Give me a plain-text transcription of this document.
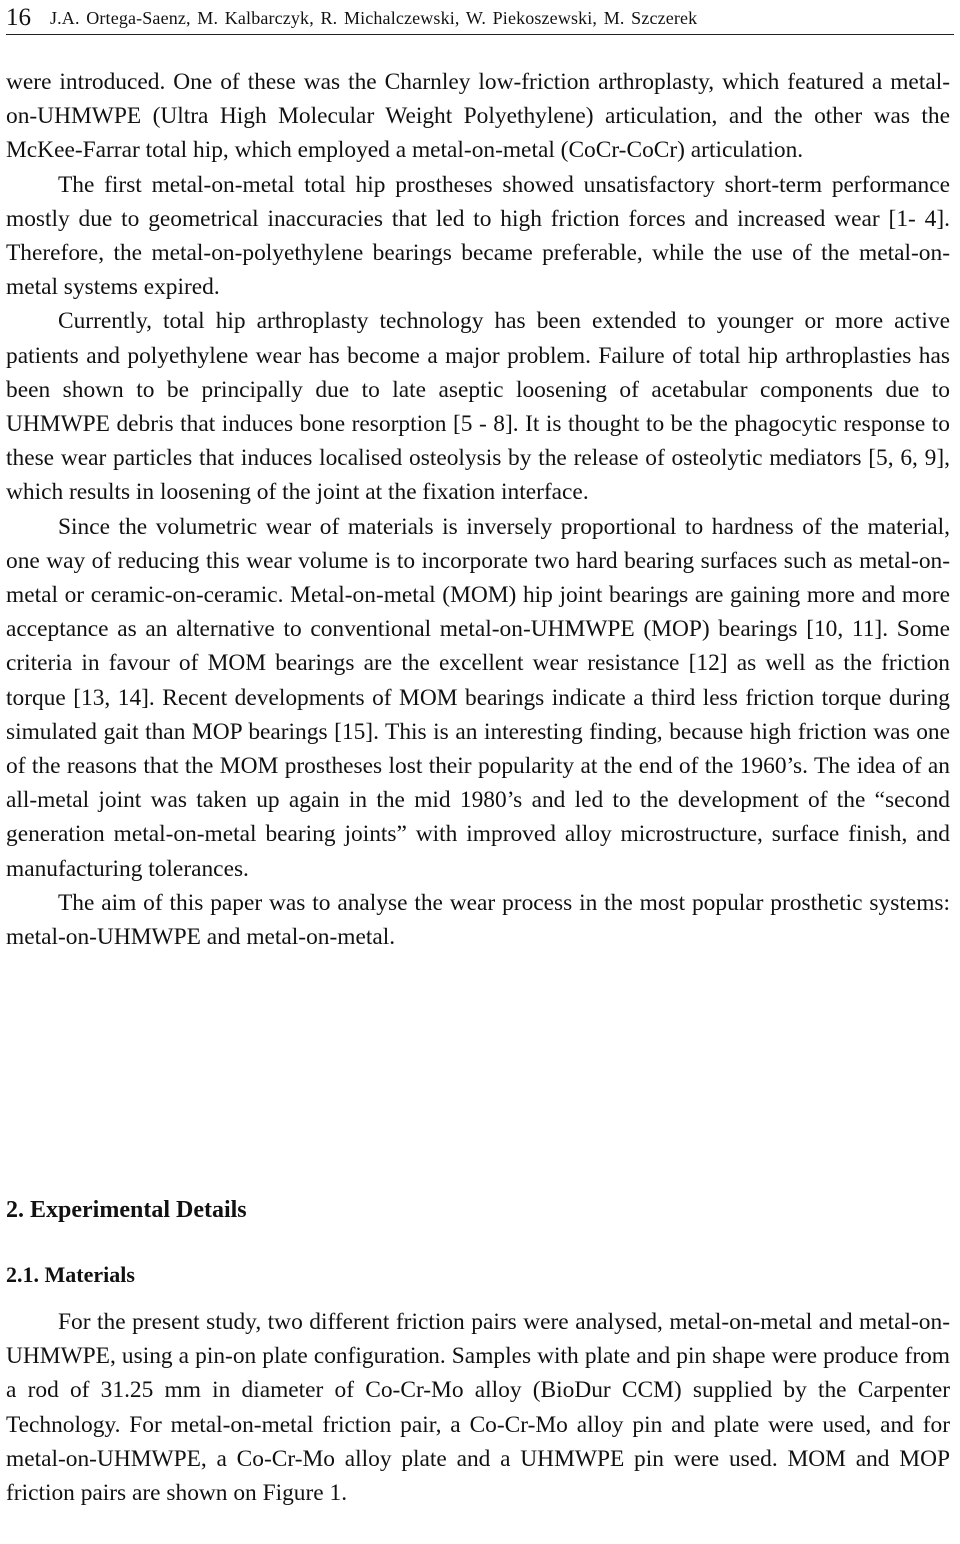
16 J.A. Ortega-Saenz, M. Kalbarczyk, R. Michalczewski, W. Piekoszewski, M. Szczerek

were introduced. One of these was the Charnley low-friction arthroplasty, which featured a metal-on-UHMWPE (Ultra High Molecular Weight Polyethylene) articulation, and the other was the McKee-Farrar total hip, which employed a metal-on-metal (CoCr-CoCr) articulation.

The first metal-on-metal total hip prostheses showed unsatisfactory short-term performance mostly due to geometrical inaccuracies that led to high friction forces and increased wear [1- 4]. Therefore, the metal-on-polyethylene bearings became preferable, while the use of the metal-on-metal systems expired.

Currently, total hip arthroplasty technology has been extended to younger or more active patients and polyethylene wear has become a major problem. Failure of total hip arthroplasties has been shown to be principally due to late aseptic loosening of acetabular components due to UHMWPE debris that induces bone resorption [5 - 8]. It is thought to be the phagocytic response to these wear particles that induces localised osteolysis by the release of osteolytic mediators [5, 6, 9], which results in loosening of the joint at the fixation interface.

Since the volumetric wear of materials is inversely proportional to hardness of the material, one way of reducing this wear volume is to incorporate two hard bearing surfaces such as metal-on-metal or ceramic-on-ceramic. Metal-on-metal (MOM) hip joint bearings are gaining more and more acceptance as an alternative to conventional metal-on-UHMWPE (MOP) bearings [10, 11]. Some criteria in favour of MOM bearings are the excellent wear resistance [12] as well as the friction torque [13, 14]. Recent developments of MOM bearings indicate a third less friction torque during simulated gait than MOP bearings [15]. This is an interesting finding, because high friction was one of the reasons that the MOM prostheses lost their popularity at the end of the 1960’s. The idea of an all-metal joint was taken up again in the mid 1980’s and led to the development of the “second generation metal-on-metal bearing joints” with improved alloy microstructure, surface finish, and manufacturing tolerances.

The aim of this paper was to analyse the wear process in the most popular prosthetic systems: metal-on-UHMWPE and metal-on-metal.

2. Experimental Details
2.1. Materials

For the present study, two different friction pairs were analysed, metal-on-metal and metal-on-UHMWPE, using a pin-on plate configuration. Samples with plate and pin shape were produce from a rod of 31.25 mm in diameter of Co-Cr-Mo alloy (BioDur CCM) supplied by the Carpenter Technology. For metal-on-metal friction pair, a Co-Cr-Mo alloy pin and plate were used, and for metal-on-UHMWPE, a Co-Cr-Mo alloy plate and a UHMWPE pin were used. MOM and MOP friction pairs are shown on Figure 1.
